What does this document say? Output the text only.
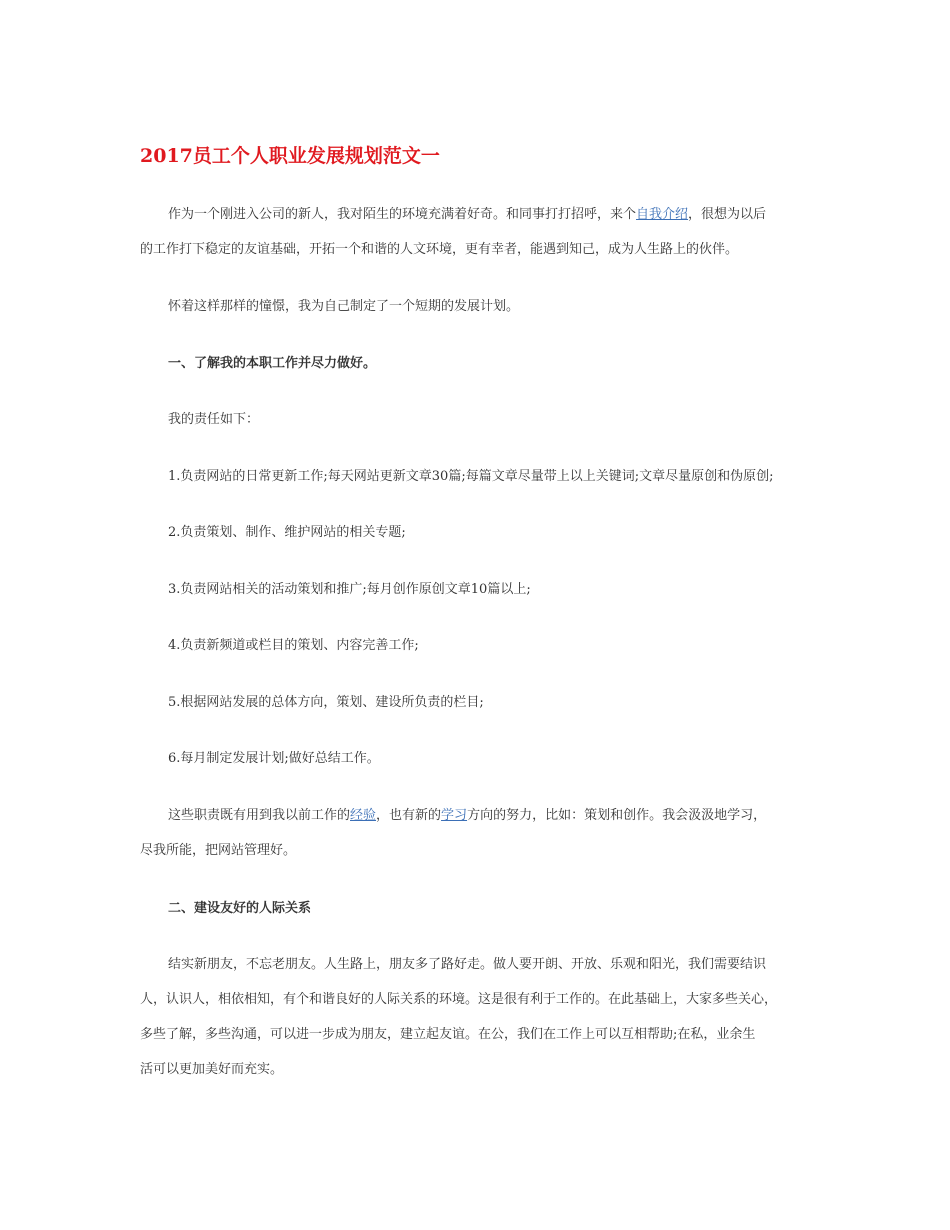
2017员工个人职业发展规划范文一

作为一个刚进入公司的新人，我对陌生的环境充满着好奇。和同事打打招呼，来个自我介绍，很想为以后
的工作打下稳定的友谊基础，开拓一个和谐的人文环境，更有幸者，能遇到知己，成为人生路上的伙伴。

怀着这样那样的憧憬，我为自己制定了一个短期的发展计划。

一、了解我的本职工作并尽力做好。

我的责任如下：

1.负责网站的日常更新工作;每天网站更新文章30篇;每篇文章尽量带上以上关键词;文章尽量原创和伪原创;

2.负责策划、制作、维护网站的相关专题;

3.负责网站相关的活动策划和推广;每月创作原创文章10篇以上;

4.负责新频道或栏目的策划、内容完善工作;

5.根据网站发展的总体方向，策划、建设所负责的栏目;

6.每月制定发展计划;做好总结工作。

这些职责既有用到我以前工作的经验，也有新的学习方向的努力，比如：策划和创作。我会汲汲地学习，
尽我所能，把网站管理好。

二、建设友好的人际关系

结实新朋友，不忘老朋友。人生路上，朋友多了路好走。做人要开朗、开放、乐观和阳光，我们需要结识
人，认识人，相依相知，有个和谐良好的人际关系的环境。这是很有利于工作的。在此基础上，大家多些关心，
多些了解，多些沟通，可以进一步成为朋友，建立起友谊。在公，我们在工作上可以互相帮助;在私，业余生
活可以更加美好而充实。
